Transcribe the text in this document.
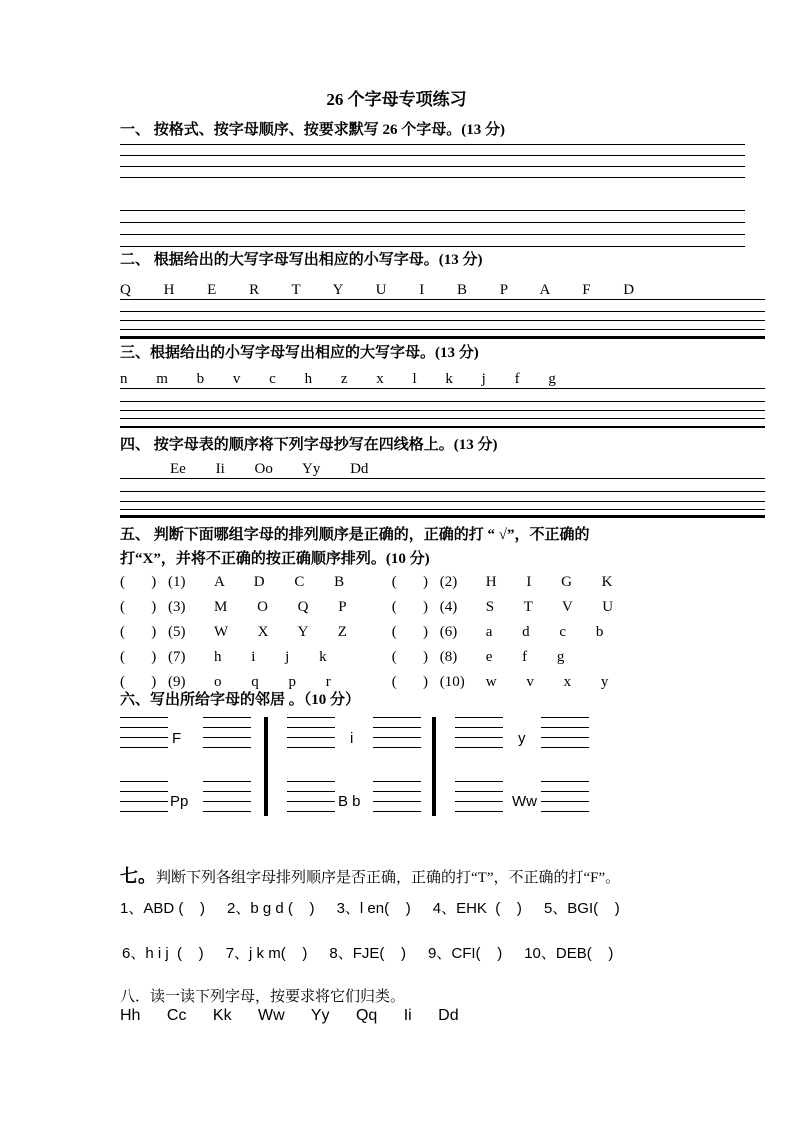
26 个字母专项练习
一、 按格式、按字母顺序、按要求默写 26 个字母。(13 分)
二、 根据给出的大写字母写出相应的小写字母。(13 分)
Q H E R T Y U I B P A F D
三、根据给出的小写字母写出相应的大写字母。(13 分)
n m b v c h z x l k j f g
四、 按字母表的顺序将下列字母抄写在四线格上。(13 分)
Ee Ii Oo Yy Dd
五、 判断下面哪组字母的排列顺序是正确的，正确的打 “ √”，不正确的
打“X”，并将不正确的按正确顺序排列。(10 分)
(       ) (1) A D C B	(       ) (2) H I G K
(       ) (3) M O Q P	(       ) (4) S T V U
(       ) (5) W X Y Z	(       ) (6) a d c b
(       ) (7) h i j k	(       ) (8) e f g
(       ) (9) o q p r	(       ) (10) w v x y
六、写出所给字母的邻居 。（10 分）
F	i	y
Pp	B b	Ww
七。判断下列各组字母排列顺序是否正确，正确的打“T”，不正确的打“F”。
1、ABD (    ) 2、b g d (    ) 3、l en(    ) 4、EHK  (    ) 5、BGI(    )
6、h i j  (    ) 7、j k m(    ) 8、FJE(    ) 9、CFI(    ) 10、DEB(    )
八．读一读下列字母，按要求将它们归类。
Hh Cc Kk Ww Yy Qq Ii Dd
